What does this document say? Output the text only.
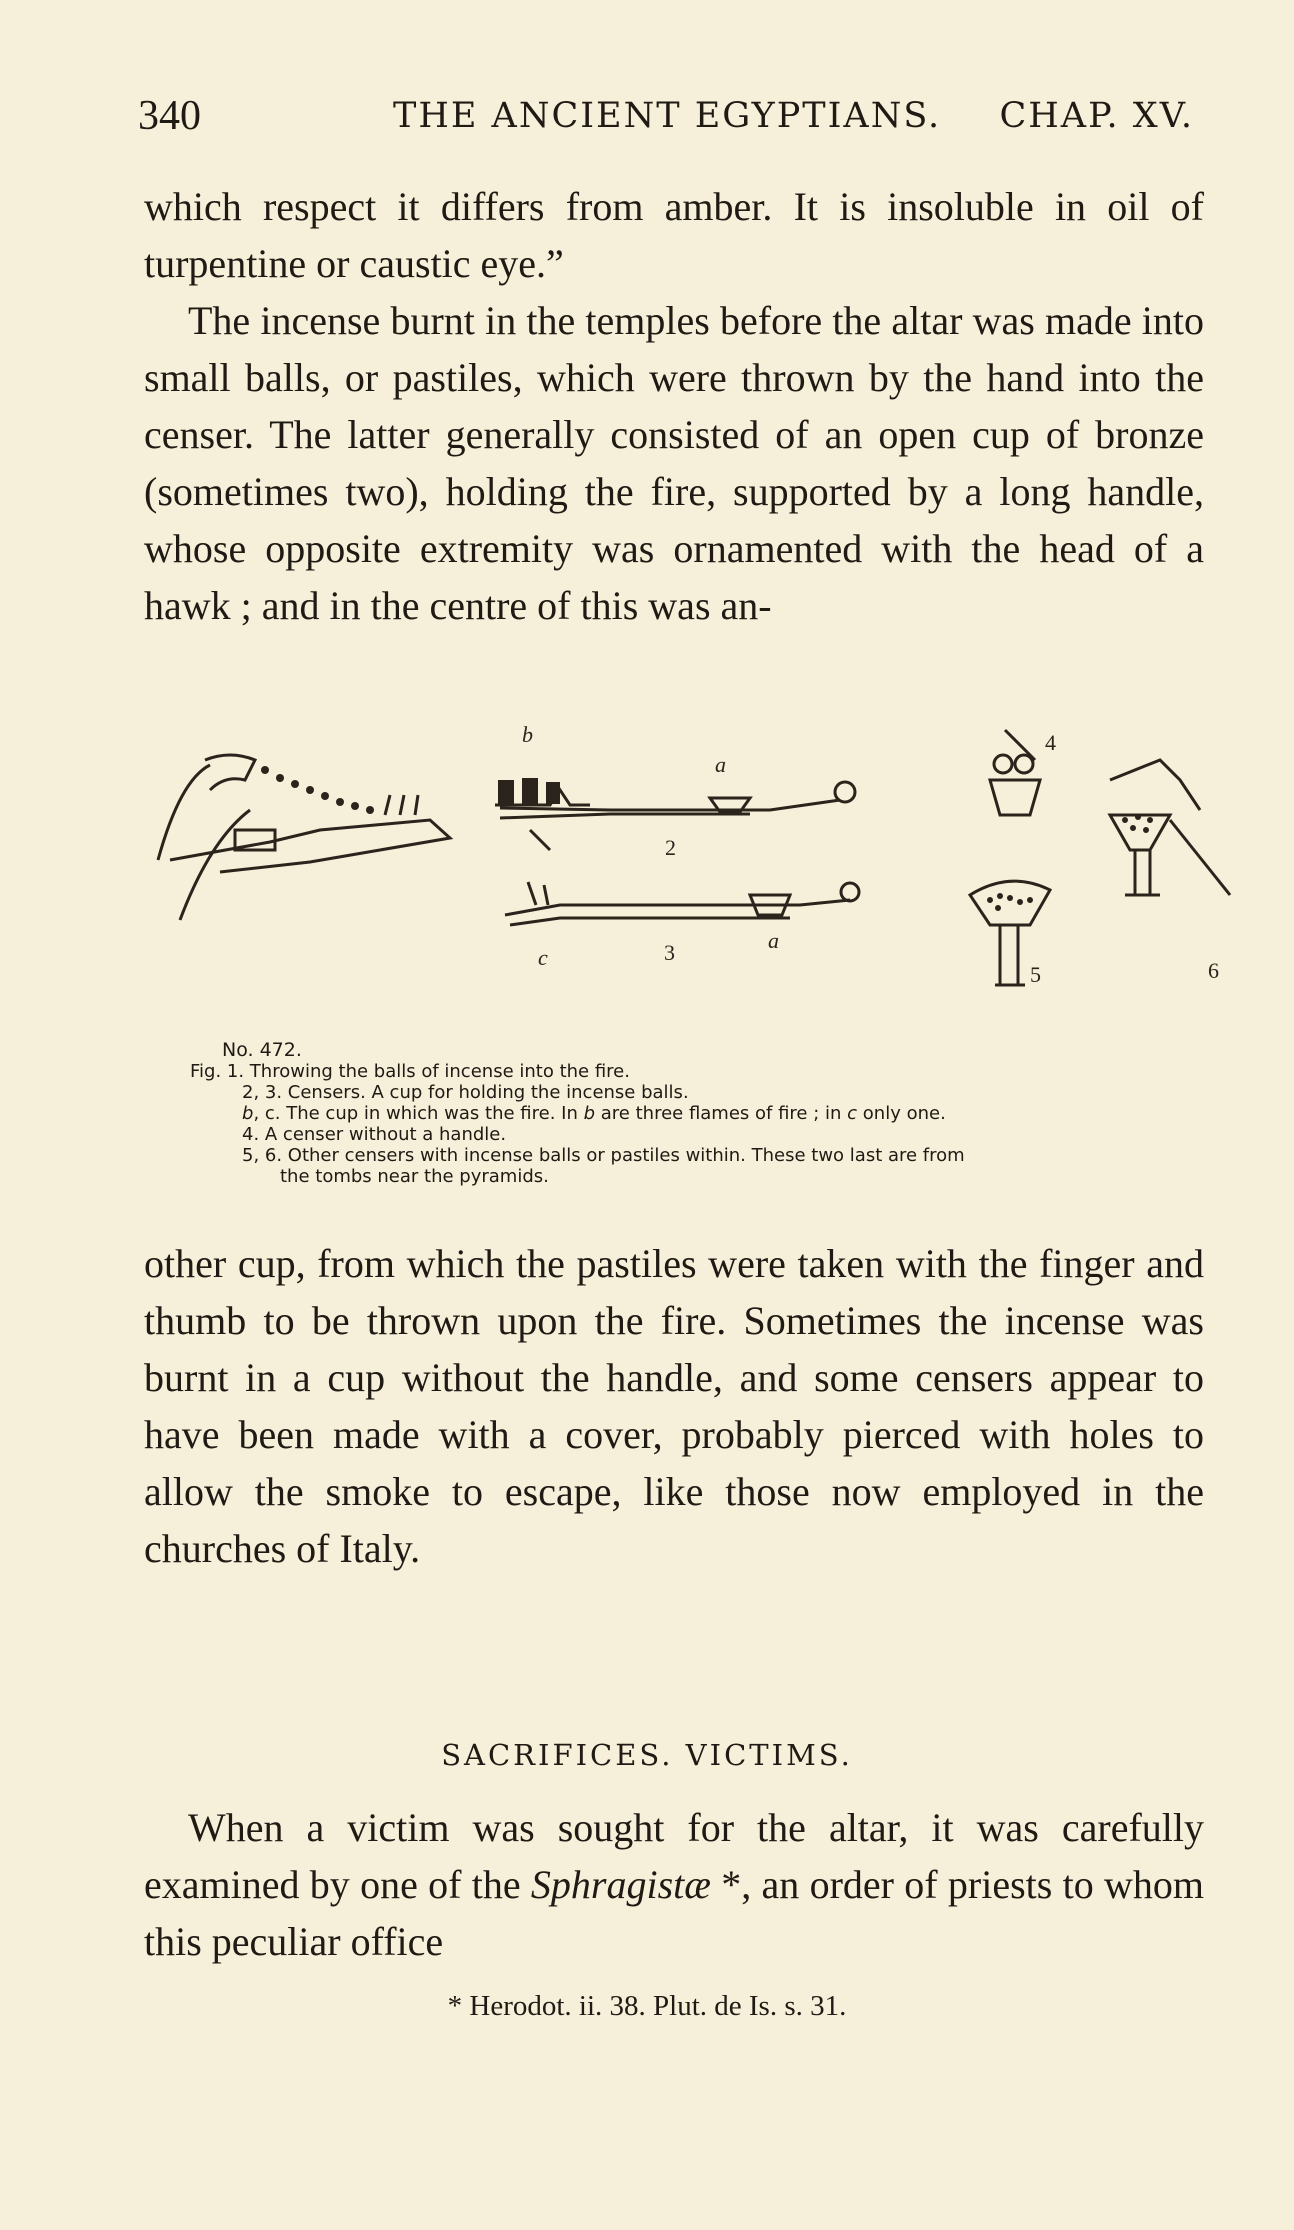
340	THE ANCIENT EGYPTIANS. CHAP. XV.
which respect it differs from amber. It is insoluble in oil of turpentine or caustic eye.”
The incense burnt in the temples before the altar was made into small balls, or pastiles, which were thrown by the hand into the censer. The latter generally consisted of an open cup of bronze (sometimes two), holding the fire, supported by a long handle, whose opposite extremity was ornamented with the head of a hawk ; and in the centre of this was an-
b
a
2
c	3	a
4
5	6
No. 472.
Fig. 1. Throwing the balls of incense into the fire.
2, 3. Censers. A cup for holding the incense balls.
b, c. The cup in which was the fire. In b are three flames of fire ; in c only one.
4. A censer without a handle.
5, 6. Other censers with incense balls or pastiles within. These two last are from
the tombs near the pyramids.
other cup, from which the pastiles were taken with the finger and thumb to be thrown upon the fire. Sometimes the incense was burnt in a cup without the handle, and some censers appear to have been made with a cover, probably pierced with holes to allow the smoke to escape, like those now employed in the churches of Italy.
SACRIFICES. VICTIMS.
When a victim was sought for the altar, it was carefully examined by one of the Sphragistæ *, an order of priests to whom this peculiar office
* Herodot. ii. 38. Plut. de Is. s. 31.
